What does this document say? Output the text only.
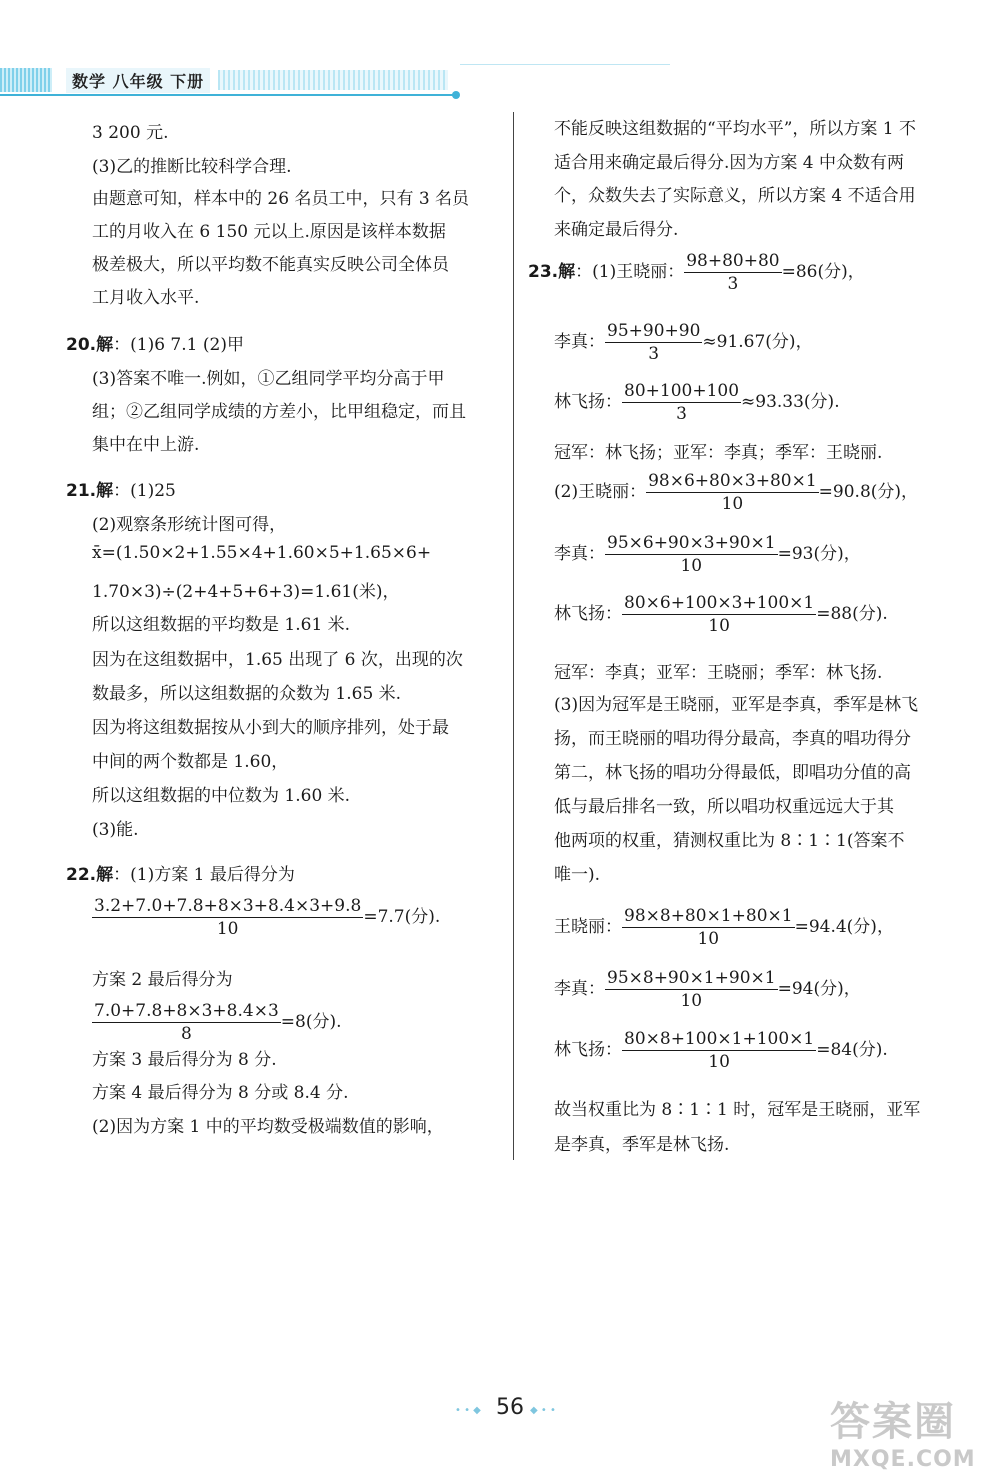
数学 八年级 下册
3 200 元.
(3)乙的推断比较科学合理.
由题意可知，样本中的 26 名员工中，只有 3 名员
工的月收入在 6 150 元以上.原因是该样本数据
极差极大，所以平均数不能真实反映公司全体员
工月收入水平.
20.解：(1)6 7.1 (2)甲
(3)答案不唯一.例如，①乙组同学平均分高于甲
组；②乙组同学成绩的方差小，比甲组稳定，而且
集中在中上游.
21.解：(1)25
(2)观察条形统计图可得，
x̄=(1.50×2+1.55×4+1.60×5+1.65×6+
1.70×3)÷(2+4+5+6+3)=1.61(米)，
所以这组数据的平均数是 1.61 米.
因为在这组数据中，1.65 出现了 6 次，出现的次
数最多，所以这组数据的众数为 1.65 米.
因为将这组数据按从小到大的顺序排列，处于最
中间的两个数都是 1.60，
所以这组数据的中位数为 1.60 米.
(3)能.
22.解：(1)方案 1 最后得分为
方案 2 最后得分为
方案 3 最后得分为 8 分.
方案 4 最后得分为 8 分或 8.4 分.
(2)因为方案 1 中的平均数受极端数值的影响，
$\frac{3.2+7.0+7.8+8\times 3+8.4\times 3+9.8}{10} =7.7$(分).
$\frac{7.0+7.8+8\times 3+8.4\times 3}{8} =8$(分).
不能反映这组数据的“平均水平”，所以方案 1 不
适合用来确定最后得分.因为方案 4 中众数有两
个，众数失去了实际意义，所以方案 4 不适合用
来确定最后得分.
冠军：林飞扬；亚军：李真；季军：王晓丽.
冠军：李真；亚军：王晓丽；季军：林飞扬.
(3)因为冠军是王晓丽，亚军是李真，季军是林飞
扬，而王晓丽的唱功得分最高，李真的唱功得分
第二，林飞扬的唱功分得最低，即唱功分值的高
低与最后排名一致，所以唱功权重远远大于其
他两项的权重，猜测权重比为 8∶1∶1(答案不
唯一).
故当权重比为 8∶1∶1 时，冠军是王晓丽，亚军
是李真，季军是林飞扬.
23.解：(1)王晓丽： $\frac{98+80+80}{3} =86$(分)，
李真： $\frac{95+90+90}{3} \approx 91.67$(分)，
林飞扬： $\frac{80+100+100}{3} \approx 93.33$(分).
(2)王晓丽： $\frac{98\times 6+80\times 3+80\times 1}{10} =90.8$(分)，
李真： $\frac{95\times 6+90\times 3+90\times 1}{10} =93$(分)，
林飞扬： $\frac{80\times 6+100\times 3+100\times 1}{10} =88$(分).
王晓丽： $\frac{98\times 8+80\times 1+80\times 1}{10} =94.4$(分)，
李真： $\frac{95\times 8+90\times 1+90\times 1}{10} =94$(分)，
林飞扬： $\frac{80\times 8+100\times 1+100\times 1}{10} =84$(分).
• • ◆ 56 ◆ • •	答案圈
MXQE.COM
